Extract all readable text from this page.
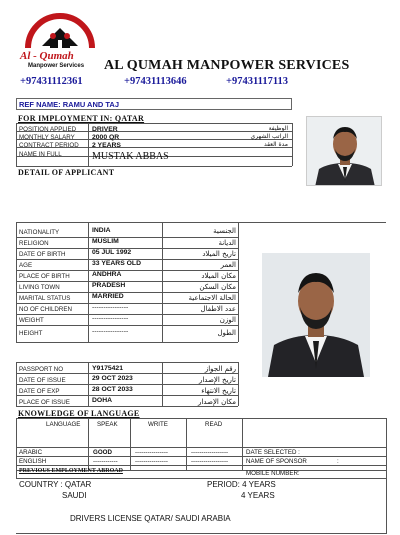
Al - Qumah
Manpower Services AL QUMAH MANPOWER SERVICES
+97431112361	+97431113646	+97431117113
REF NAME: RAMU AND TAJ
FOR IMPLOYMENT IN: QATAR
POSITION APPLIED DRIVER	الوظيفة
MONTHLY SALARY	2000 QR	الراتب الشهري
CONTRACT PERIOD 2 YEARS	مدة العقد
NAME IN FULL	MUSTAK ABBAS
DETAIL OF APPLICANT
NATIONALITY	INDIA	الجنسية
RELIGION	MUSLIM	الديانة
DATE OF BIRTH	05 JUL 1992	تاريخ الميلاد
AGE	33 YEARS OLD	العمر
PLACE OF BIRTH	ANDHRA	مكان الميلاد
LIVING TOWN	PRADESH	مكان السكن
MARITAL STATUS	MARRIED	الحالة الاجتماعية
NO OF CHILDREN	----------------	عدد الاطفال
WEIGHT	----------------	الوزن
HEIGHT	----------------	الطول
PASSPORT NO	Y9175421	رقم الجواز
DATE OF ISSUE	29 OCT 2023	تاريخ الإصدار
DATE OF EXP	28 OCT 2033	تاريخ الانتهاء
PLACE OF ISSUE	DOHA	مكان الإصدار
KNOWLEDGE OF LANGUAGE
LANGUAGE	SPEAK	WRITE	READ
ARABIC	GOOD	----------------	------------------
ENGLISH	------------	----------------	------------------
DATE SELECTED :
NAME OF SPONSOR	:
MOBILE NUMBER:
PREVIOUS EMPLOYMENT ABROAD
COUNTRY : QATAR
SAUDI
PERIOD: 4 YEARS
4 YEARS
DRIVERS LICENSE QATAR/ SAUDI ARABIA
